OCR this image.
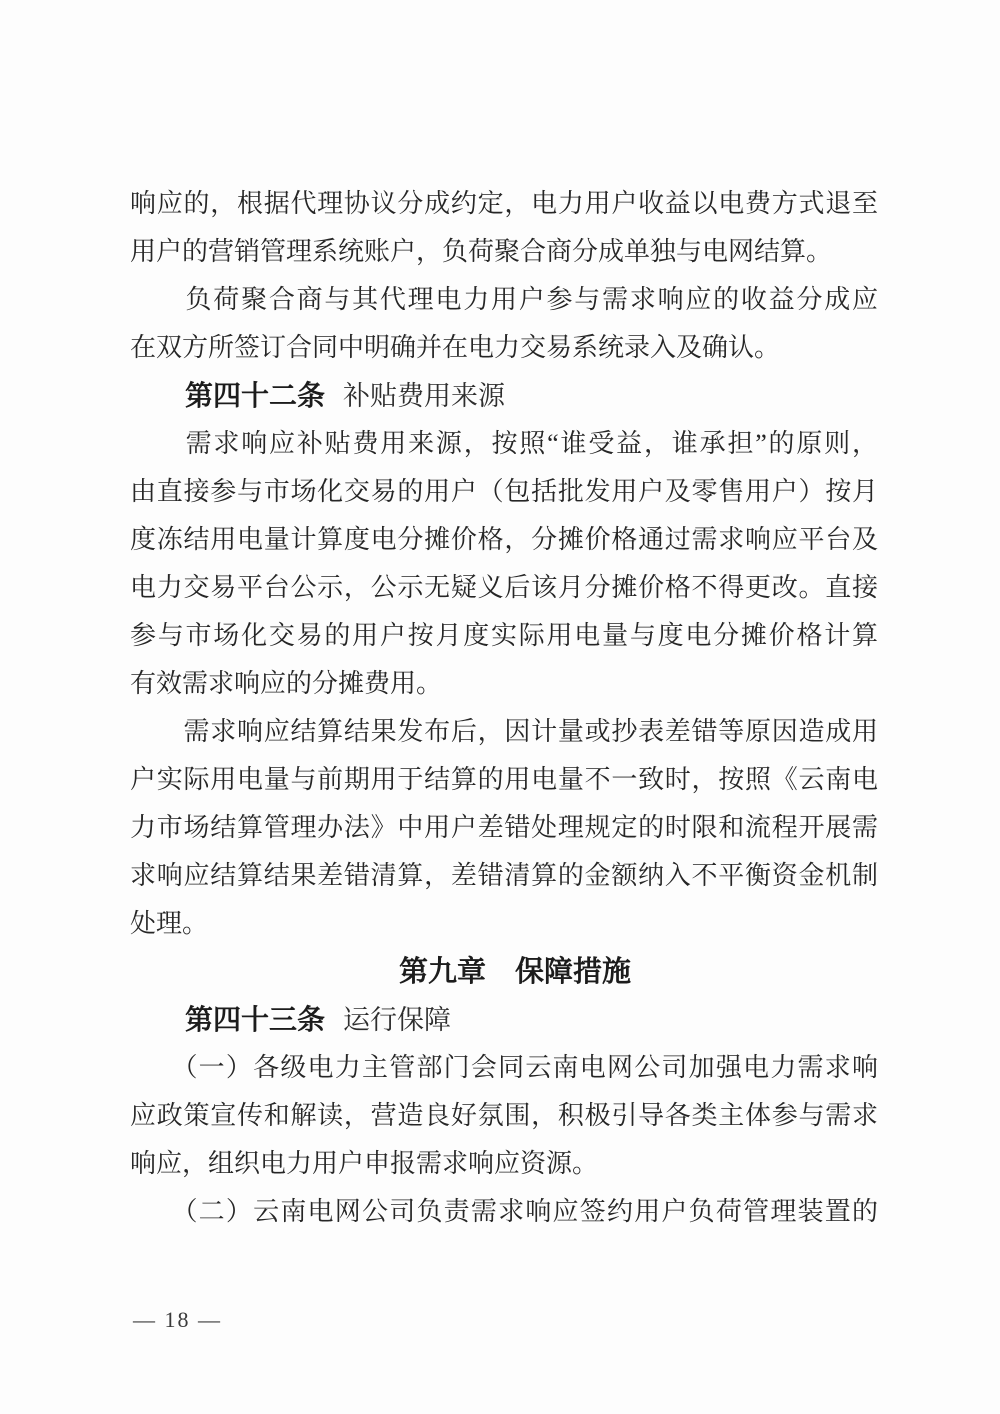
响应的，根据代理协议分成约定，电力用户收益以电费方式退至
用户的营销管理系统账户，负荷聚合商分成单独与电网结算。
　　负荷聚合商与其代理电力用户参与需求响应的收益分成应
在双方所签订合同中明确并在电力交易系统录入及确认。
第四十二条 补贴费用来源
　　需求响应补贴费用来源，按照“谁受益，谁承担”的原则，
由直接参与市场化交易的用户（包括批发用户及零售用户）按月
度冻结用电量计算度电分摊价格，分摊价格通过需求响应平台及
电力交易平台公示，公示无疑义后该月分摊价格不得更改。直接
参与市场化交易的用户按月度实际用电量与度电分摊价格计算
有效需求响应的分摊费用。
　　需求响应结算结果发布后，因计量或抄表差错等原因造成用
户实际用电量与前期用于结算的用电量不一致时，按照《云南电
力市场结算管理办法》中用户差错处理规定的时限和流程开展需
求响应结算结果差错清算，差错清算的金额纳入不平衡资金机制
处理。
第九章　保障措施
第四十三条 运行保障
　　（一）各级电力主管部门会同云南电网公司加强电力需求响
应政策宣传和解读，营造良好氛围，积极引导各类主体参与需求
响应，组织电力用户申报需求响应资源。
　　（二）云南电网公司负责需求响应签约用户负荷管理装置的
— 18 —
